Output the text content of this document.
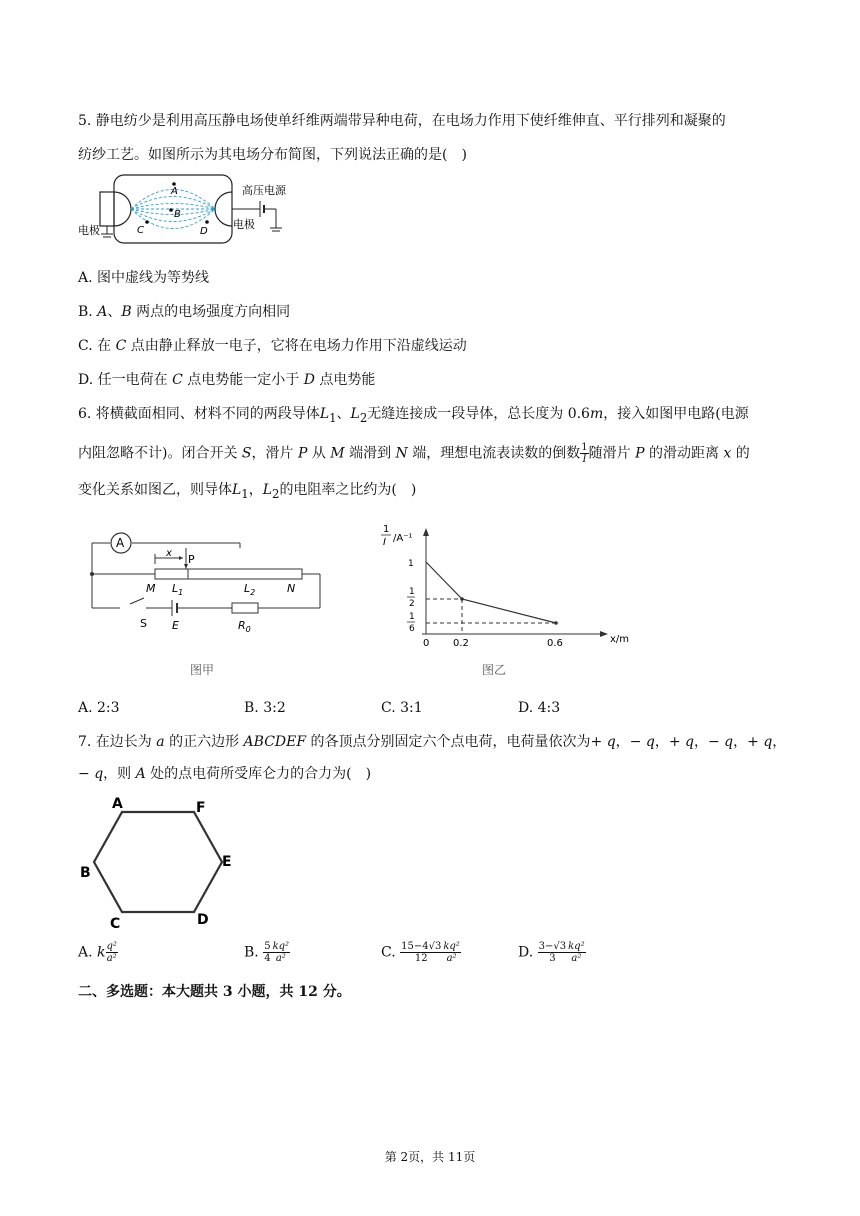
5. 静电纺少是利用高压静电场使单纤维两端带异种电荷，在电场力作用下使纤维伸直、平行排列和凝聚的
纺纱工艺。如图所示为其电场分布简图，下列说法正确的是(　)
A
B
C	D
高压电源
电极	电极
A. 图中虚线为等势线
B. A、B 两点的电场强度方向相同
C. 在 C 点由静止释放一电子，它将在电场力作用下沿虚线运动
D. 任一电荷在 C 点电势能一定小于 D 点电势能
6. 将横截面相同、材料不同的两段导体$L_1$、$L_2$无缝连接成一段导体，总长度为 0.6m，接入如图甲电路(电源
内阻忽略不计)。闭合开关 S，滑片 P 从 M 端滑到 N 端，理想电流表读数的倒数 $\frac{1}{I}$ 随滑片 P 的滑动距离 x 的
变化关系如图乙，则导体$L_1$，$L_2$的电阻率之比约为(　)
A
x P
M $L_1$	$L_2$	N
S E	$R_0$
图甲
1
I /A⁻¹
1
1
2
1
6
0 0.2	0.6	x/m
图乙
A. 2:3	B. 3:2	C. 3:1	D. 4:3
7. 在边长为 a 的正六边形 ABCDEF 的各顶点分别固定六个点电荷，电荷量依次为+ q，− q，+ q，− q，+ q，
− q，则 A 处的点电荷所受库仑力的合力为(　)
A	F
B
E
C	D
A. k $\frac{\text{q²}}{\text{a²}}$	B. $\frac{5}{4} \frac{\text{kq²}}{\text{a²}}$	C. $\frac{15-4√3}{12} \frac{\text{kq²}}{\text{a²}}$	D. $\frac{3-√3}{3} \frac{\text{kq²}}{\text{a²}}$
二、多选题：本大题共 3 小题，共 12 分。
第 2页，共 11页
